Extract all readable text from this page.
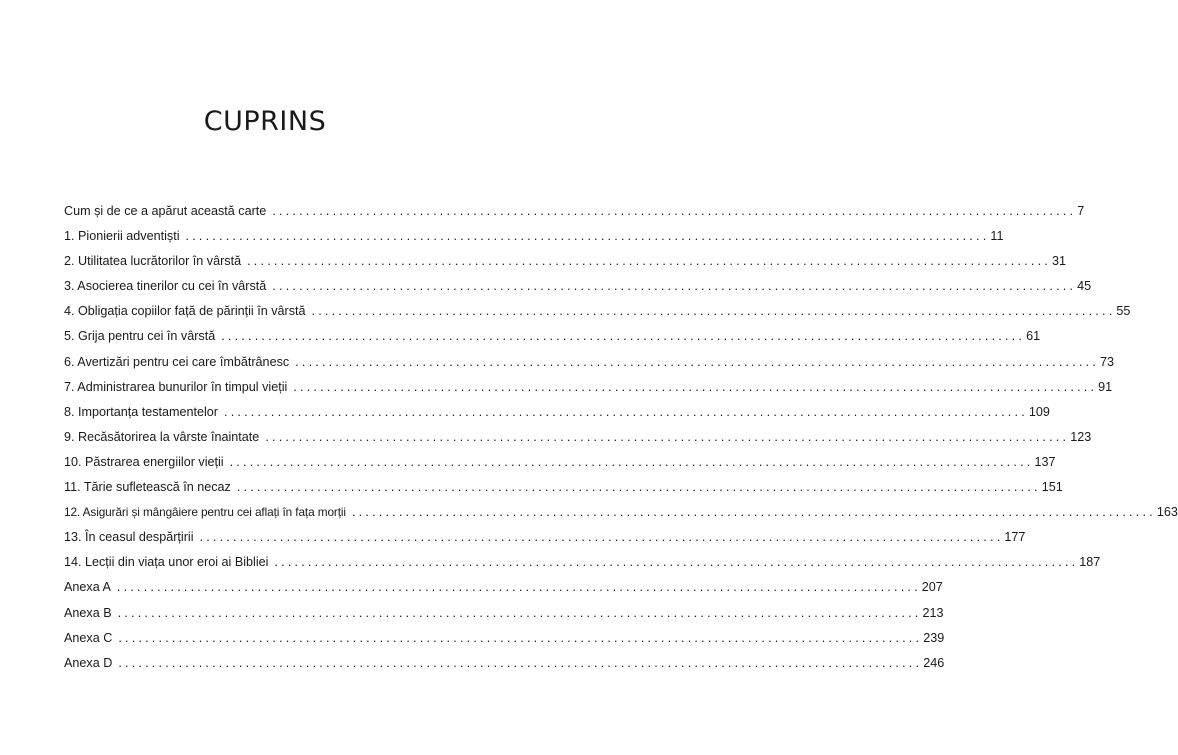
CUPRINS
Cum și de ce a apărut această carte ........................................................................................................................ 7
1. Pionierii adventiști ........................................................................................................................ 11
2. Utilitatea lucrătorilor în vârstă ........................................................................................................................ 31
3. Asocierea tinerilor cu cei în vârstă ........................................................................................................................ 45
4. Obligația copiilor față de părinții în vârstă ........................................................................................................................ 55
5. Grija pentru cei în vârstă ........................................................................................................................ 61
6. Avertizări pentru cei care îmbătrânesc ........................................................................................................................ 73
7. Administrarea bunurilor în timpul vieții ........................................................................................................................ 91
8. Importanța testamentelor ........................................................................................................................ 109
9. Recăsătorirea la vârste înaintate ........................................................................................................................ 123
10. Păstrarea energiilor vieții ........................................................................................................................ 137
11. Tărie sufletească în necaz ........................................................................................................................ 151
12. Asigurări și mângâiere pentru cei aflați în fața morții ........................................................................................................................ 163
13. În ceasul despărțirii ........................................................................................................................ 177
14. Lecții din viața unor eroi ai Bibliei ........................................................................................................................ 187
Anexa A ........................................................................................................................ 207
Anexa B ........................................................................................................................ 213
Anexa C ........................................................................................................................ 239
Anexa D ........................................................................................................................ 246
